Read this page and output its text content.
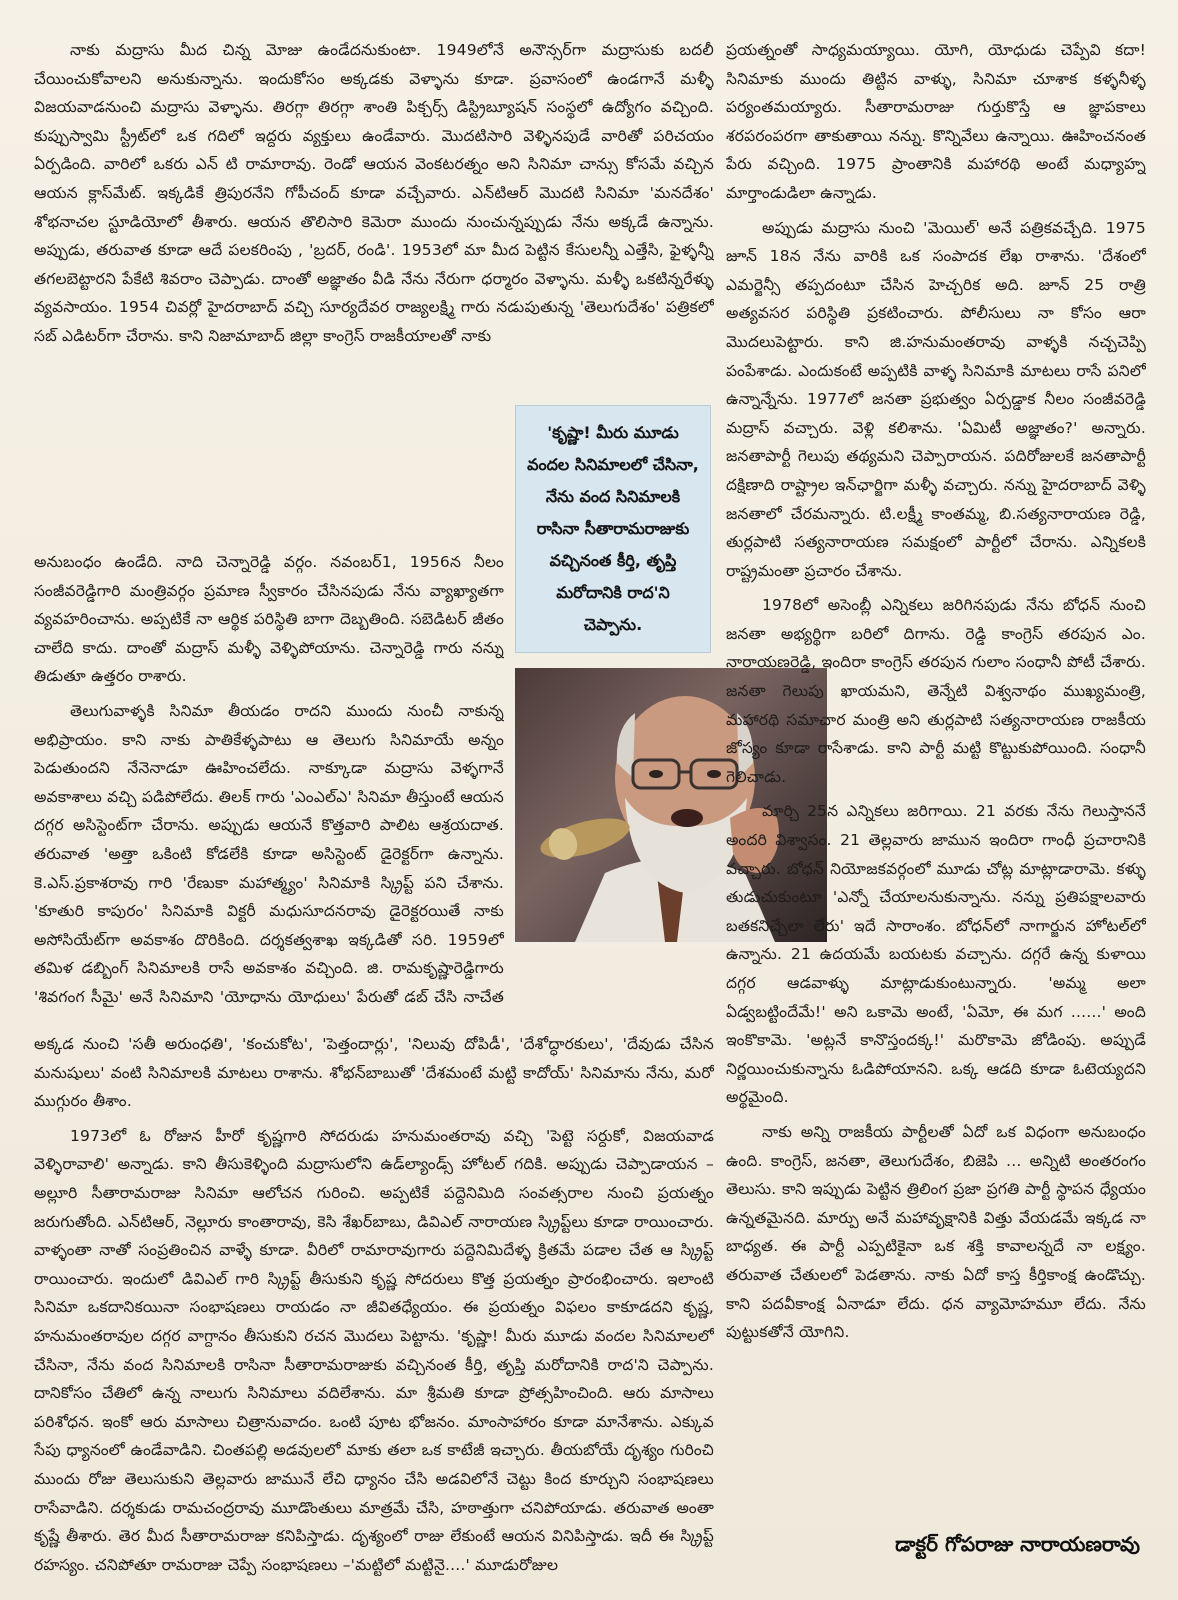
నాకు మద్రాసు మీద చిన్న మోజు ఉండేదనుకుంటా. 1949లోనే అనౌన్సర్‌గా మద్రాసుకు బదలీ చేయించుకోవాలని అనుకున్నాను. ఇందుకోసం అక్కడకు వెళ్ళాను కూడా. ప్రవాసంలో ఉండగానే మళ్ళీ విజయవాడనుంచి మద్రాసు వెళ్ళాను. తిరగ్గా తిరగ్గా శాంతి పిక్చర్స్ డిస్ట్రిబ్యూషన్ సంస్థలో ఉద్యోగం వచ్చింది. కుప్పుస్వామి స్ట్రీట్‌లో ఒక గదిలో ఇద్దరు వ్యక్తులు ఉండేవారు. మొదటిసారి వెళ్ళినపుడే వారితో పరిచయం ఏర్పడింది. వారిలో ఒకరు ఎన్ టి రామారావు. రెండో ఆయన వెంకటరత్నం అని సినిమా చాన్సు కోసమే వచ్చిన ఆయన క్లాస్‌మేట్. ఇక్కడికే త్రిపురనేని గోపీచంద్ కూడా వచ్చేవారు. ఎన్‌టిఆర్ మొదటి సినిమా 'మనదేశం' శోభనాచల స్టూడియోలో తీశారు. ఆయన తొలిసారి కెమెరా ముందు నుంచున్నప్పుడు నేను అక్కడే ఉన్నాను. అప్పుడు, తరువాత కూడా ఆదే పలకరింపు , 'బ్రదర్, రండి'. 1953లో మా మీద పెట్టిన కేసులన్నీ ఎత్తేసి, ఫైళ్ళన్నీ తగలబెట్టారని పేకేటి శివరాం చెప్పాడు. దాంతో అజ్ఞాతం వీడి నేను నేరుగా ధర్మారం వెళ్ళాను. మళ్ళీ ఒకటిన్నరేళ్ళు వ్యవసాయం. 1954 చివర్లో హైదరాబాద్ వచ్చి సూర్యదేవర రాజ్యలక్ష్మి గారు నడుపుతున్న 'తెలుగుదేశం' పత్రికలో సబ్ ఎడిటర్‌గా చేరాను. కాని నిజామాబాద్ జిల్లా కాంగ్రెస్ రాజకీయాలతో నాకు

అనుబంధం ఉండేది. నాది చెన్నారెడ్డి వర్గం. నవంబర్1, 1956న నీలం సంజీవరెడ్డిగారి మంత్రివర్గం ప్రమాణ స్వీకారం చేసినపుడు నేను వ్యాఖ్యాతగా వ్యవహరించాను. అప్పటికే నా ఆర్థిక పరిస్థితి బాగా దెబ్బతింది. సబెడిటర్ జీతం చాలేది కాదు. దాంతో మద్రాస్ మళ్ళీ వెళ్ళిపోయాను. చెన్నారెడ్డి గారు నన్ను తిడుతూ ఉత్తరం రాశారు.

తెలుగువాళ్ళకి సినిమా తీయడం రాదని ముందు నుంచీ నాకున్న అభిప్రాయం. కాని నాకు పాతికేళ్ళపాటు ఆ తెలుగు సినిమాయే అన్నం పెడుతుందని నేనెనాడూ ఊహించలేదు. నాక్కూడా మద్రాసు వెళ్ళగానే అవకాశాలు వచ్చి పడిపోలేదు. తిలక్ గారు 'ఎంఎల్ఎ' సినిమా తీస్తుంటే ఆయన దగ్గర అసిస్టెంట్‌గా చేరాను. అప్పుడు ఆయనే కొత్తవారి పాలిట ఆశ్రయదాత. తరువాత 'అత్తా ఒకింటి కోడలేకి కూడా అసిస్టెంట్ డైరెక్టర్‌గా ఉన్నాను. కె.ఎస్.ప్రకాశరావు గారి 'రేణుకా మహాత్మ్యం' సినిమాకి స్క్రిప్ట్ పని చేశాను. 'కూతురి కాపురం' సినిమాకి విక్టరీ మధుసూదనరావు డైరెక్టరయితే నాకు అసోసియేట్‌గా అవకాశం దొరికింది. దర్శకత్వశాఖ ఇక్కడితో సరి. 1959లో తమిళ డబ్బింగ్ సినిమాలకి రాసే అవకాశం వచ్చింది. జి. రామకృష్ణారెడ్డిగారు 'శివగంగ సీమై' అనే సినిమాని 'యోధాను యోధులు' పేరుతో డబ్ చేసి నాచేత

'కృష్ణా! మీరు మూడు వందల సినిమాలలో చేసినా, నేను వంద సినిమాలకి రాసినా సీతారామరాజుకు వచ్చినంత కీర్తి, తృప్తి మరోదానికి రాద'ని చెప్పాను.

అక్కడ నుంచి 'సతీ అరుంధతి', 'కంచుకోట', 'పెత్తందార్లు', 'నిలువు దోపిడీ', 'దేశోద్ధారకులు', 'దేవుడు చేసిన మనుషులు' వంటి సినిమాలకి మాటలు రాశాను. శోభన్‌బాబుతో 'దేశమంటే మట్టి కాదోయ్' సినిమాను నేను, మరో ముగ్గురం తీశాం.

1973లో ఓ రోజున హీరో కృష్ణగారి సోదరుడు హనుమంతరావు వచ్చి 'పెట్టె సర్దుకో, విజయవాడ వెళ్ళిరావాలి' అన్నాడు. కాని తీసుకెళ్ళింది మద్రాసులోని ఉడ్‌ల్యాండ్స్ హోటల్ గదికి. అప్పుడు చెప్పాడాయన – అల్లూరి సీతారామరాజు సినిమా ఆలోచన గురించి. అప్పటికే పద్దెనిమిది సంవత్సరాల నుంచి ప్రయత్నం జరుగుతోంది. ఎన్‌టిఆర్, నెల్లూరు కాంతారావు, కెసి శేఖర్‌బాబు, డివిఎల్ నారాయణ స్క్రిప్ట్‌లు కూడా రాయించారు. వాళ్ళంతా నాతో సంప్రతించిన వాళ్ళే కూడా. వీరిలో రామారావుగారు పద్దెనిమిదేళ్ళ క్రితమే పడాల చేత ఆ స్క్రిప్ట్ రాయించారు. ఇందులో డివిఎల్ గారి స్క్రిప్ట్ తీసుకుని కృష్ణ సోదరులు కొత్త ప్రయత్నం ప్రారంభించారు. ఇలాంటి సినిమా ఒకదానికయినా సంభాషణలు రాయడం నా జీవితధ్యేయం. ఈ ప్రయత్నం విఫలం కాకూడదని కృష్ణ, హనుమంతరావుల దగ్గర వాగ్దానం తీసుకుని రచన మొదలు పెట్టాను. 'కృష్ణా! మీరు మూడు వందల సినిమాలలో చేసినా, నేను వంద సినిమాలకి రాసినా సీతారామరాజుకు వచ్చినంత కీర్తి, తృప్తి మరోదానికి రాద'ని చెప్పాను. దానికోసం చేతిలో ఉన్న నాలుగు సినిమాలు వదిలేశాను. మా శ్రీమతి కూడా ప్రోత్సహించింది. ఆరు మాసాలు పరిశోధన. ఇంకో ఆరు మాసాలు చిత్రానువాదం. ఒంటి పూట భోజనం. మాంసాహారం కూడా మానేశాను. ఎక్కువ సేపు ధ్యానంలో ఉండేవాడిని. చింతపల్లి అడవులలో మాకు తలా ఒక కాటేజీ ఇచ్చారు. తీయబోయే దృశ్యం గురించి ముందు రోజు తెలుసుకుని తెల్లవారు జామునే లేచి ధ్యానం చేసి అడవిలోనే చెట్టు కింద కూర్చుని సంభాషణలు రాసేవాడిని. దర్శకుడు రామచంద్రరావు మూడొంతులు మాత్రమే చేసి, హఠాత్తుగా చనిపోయాడు. తరువాత అంతా కృష్ణే తీశారు. తెర మీద సీతారామరాజు కనిపిస్తాడు. దృశ్యంలో రాజు లేకుంటే ఆయన వినిపిస్తాడు. ఇదీ ఈ స్క్రిప్ట్ రహస్యం. చనిపోతూ రామరాజు చెప్పే సంభాషణలు –'మట్టిలో మట్టినై....' మూడురోజుల

ప్రయత్నంతో సాధ్యమయ్యాయి. యోగి, యోధుడు చెప్పేవి కదా! సినిమాకు ముందు తిట్టిన వాళ్ళు, సినిమా చూశాక కళ్ళనీళ్ళ పర్యంతమయ్యారు. సీతారామరాజు గుర్తుకొస్తే ఆ జ్ఞాపకాలు శరపరంపరగా తాకుతాయి నన్ను. కొన్నివేలు ఉన్నాయి. ఊహించనంత పేరు వచ్చింది. 1975 ప్రాంతానికి మహారథి అంటే మధ్యాహ్న మార్తాండుడిలా ఉన్నాడు.

అప్పుడు మద్రాసు నుంచి 'మెయిల్' అనే పత్రికవచ్చేది. 1975 జూన్ 18న నేను వారికి ఒక సంపాదక లేఖ రాశాను. 'దేశంలో ఎమర్జెన్సీ తప్పదంటూ చేసిన హెచ్చరిక అది. జూన్ 25 రాత్రి అత్యవసర పరిస్థితి ప్రకటించారు. పోలీసులు నా కోసం ఆరా మొదలుపెట్టారు. కాని జి.హనుమంతరావు వాళ్ళకి నచ్చచెప్పి పంపేశాడు. ఎందుకంటే అప్పటికి వాళ్ళ సినిమాకి మాటలు రాసే పనిలో ఉన్నాన్నేను. 1977లో జనతా ప్రభుత్వం ఏర్పడ్డాక నీలం సంజీవరెడ్డి మద్రాస్ వచ్చారు. వెళ్లి కలిశాను. 'ఏమిటీ అజ్ఞాతం?' అన్నారు. జనతాపార్టీ గెలుపు తథ్యమని చెప్పారాయన. పదిరోజులకే జనతాపార్టీ దక్షిణాది రాష్ట్రాల ఇన్‌ఛార్జిగా మళ్ళీ వచ్చారు. నన్ను హైదరాబాద్ వెళ్ళి జనతాలో చేరమన్నారు. టి.లక్ష్మీ కాంతమ్మ, బి.సత్యనారాయణ రెడ్డి, తుర్లపాటి సత్యనారాయణ సమక్షంలో పార్టీలో చేరాను. ఎన్నికలకి రాష్ట్రమంతా ప్రచారం చేశాను.

1978లో అసెంబ్లీ ఎన్నికలు జరిగినపుడు నేను బోధన్ నుంచి జనతా అభ్యర్థిగా బరిలో దిగాను. రెడ్డి కాంగ్రెస్ తరపున ఎం. నారాయణరెడ్డి, ఇందిరా కాంగ్రెస్ తరపున గులాం సంధానీ పోటీ చేశారు. జనతా గెలుపు ఖాయమని, తెన్నేటి విశ్వనాథం ముఖ్యమంత్రి, మహారథి సమాచార మంత్రి అని తుర్లపాటి సత్యనారాయణ రాజకీయ జోస్యం కూడా రాసేశాడు. కాని పార్టీ మట్టి కొట్టుకుపోయింది. సంధానీ గెలిచాడు.

మార్చి 25న ఎన్నికలు జరిగాయి. 21 వరకు నేను గెలుస్తాననే అందరి విశ్వాసం. 21 తెల్లవారు జామున ఇందిరా గాంధీ ప్రచారానికి వచ్చారు. బోధన్ నియోజకవర్గంలో మూడు చోట్ల మాట్లాడారామె. కళ్ళు తుడుచుకుంటూ 'ఎన్నో చేయాలనుకున్నాను. నన్ను ప్రతిపక్షాలవారు బతకనిచ్చేలా లేరు' ఇదే సారాంశం. బోధన్‌లో నాగార్జున హోటల్‌లో ఉన్నాను. 21 ఉదయమే బయటకు వచ్చాను. దగ్గరే ఉన్న కుళాయి దగ్గర ఆడవాళ్ళు మాట్లాడుకుంటున్నారు. 'అమ్మ అలా ఏడ్వబట్టిందేమే!' అని ఒకామె అంటే, 'ఏమో, ఈ మగ ......' అంది ఇంకొకామె. 'అట్లనే కానొస్తందక్క!' మరొకామె జోడింపు. అప్పుడే నిర్ణయించుకున్నాను ఓడిపోయానని. ఒక్క ఆడది కూడా ఓటెయ్యదని అర్థమైంది.

నాకు అన్ని రాజకీయ పార్టీలతో ఏదో ఒక విధంగా అనుబంధం ఉంది. కాంగ్రెస్, జనతా, తెలుగుదేశం, బిజెపి ... అన్నిటి అంతరంగం తెలుసు. కాని ఇప్పుడు పెట్టిన త్రిలింగ ప్రజా ప్రగతి పార్టీ స్థాపన ధ్యేయం ఉన్నతమైనది. మార్పు అనే మహావృక్షానికి విత్తు వేయడమే ఇక్కడ నా బాధ్యత. ఈ పార్టీ ఎప్పటికైనా ఒక శక్తి కావాలన్నదే నా లక్ష్యం. తరువాత చేతులలో పెడతాను. నాకు ఏదో కాస్త కీర్తికాంక్ష ఉండొచ్చు. కాని పదవీకాంక్ష ఏనాడూ లేదు. ధన వ్యామోహమూ లేదు. నేను పుట్టుకతోనే యోగిని.

డాక్టర్ గోపరాజు నారాయణరావు
